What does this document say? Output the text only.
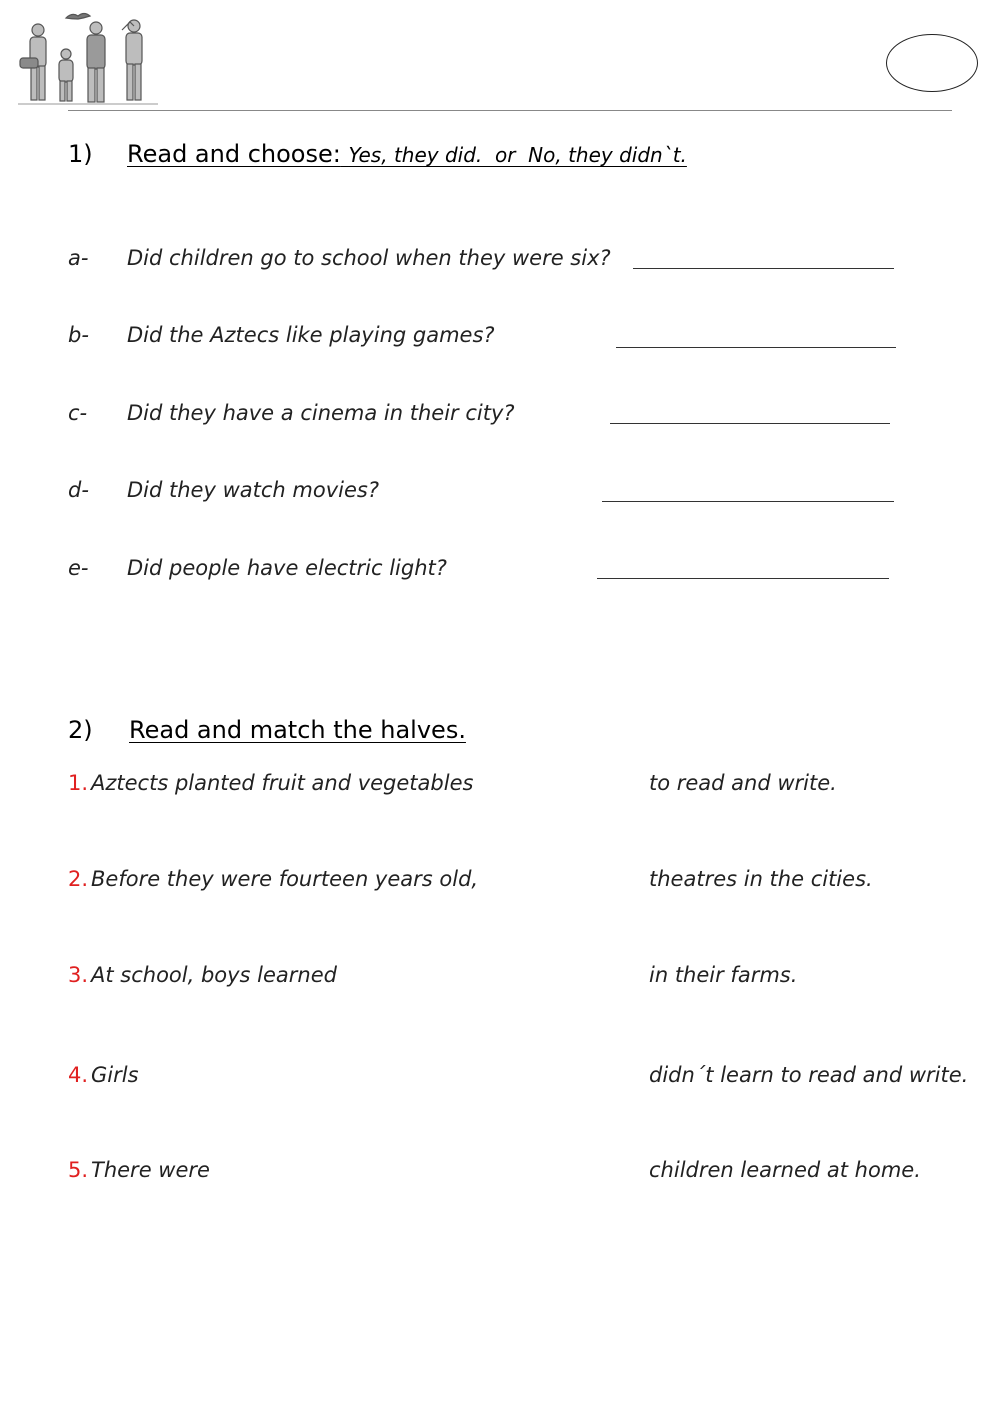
1) Read and choose: Yes, they did.  or  No, they didn`t.
a- Did children go to school when they were six?
b- Did the Aztecs like playing games?
c- Did they have a cinema in their city?
d- Did they watch movies?
e- Did people have electric light?
2) Read and match the halves.
1. Aztects planted fruit and vegetables	to read and write.
2. Before they were fourteen years old,	theatres in the cities.
3. At school, boys learned	in their farms.
4. Girls	didn´t learn to read and write.
5. There were	children learned at home.
